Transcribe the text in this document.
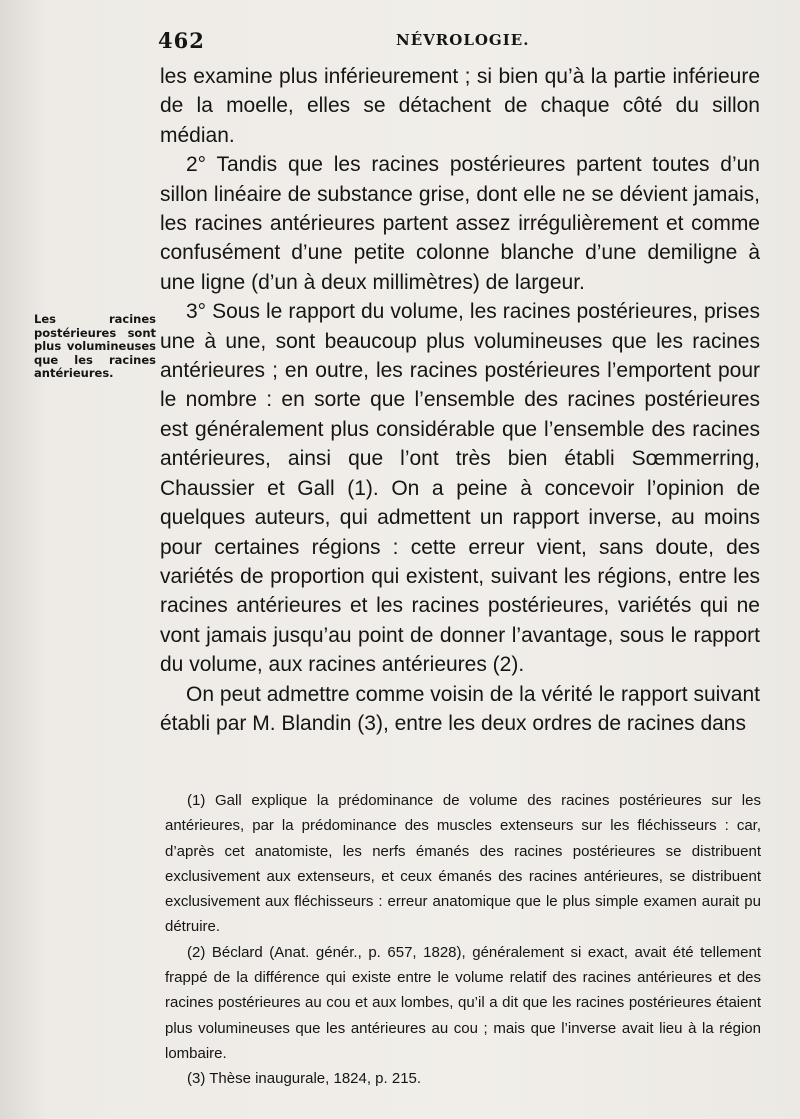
462	NÉVROLOGIE.
Les racines postérieures sont plus volumineuses que les racines antérieures.

les examine plus inférieurement ; si bien qu’à la partie inférieure de la moelle, elles se détachent de chaque côté du sillon médian.

2° Tandis que les racines postérieures partent toutes d’un sillon linéaire de substance grise, dont elle ne se dévient jamais, les racines antérieures partent assez irrégulièrement et comme confusément d’une petite colonne blanche d’une demiligne à une ligne (d’un à deux millimètres) de largeur.

3° Sous le rapport du volume, les racines postérieures, prises une à une, sont beaucoup plus volumineuses que les racines antérieures ; en outre, les racines postérieures l’emportent pour le nombre : en sorte que l’ensemble des racines postérieures est généralement plus considérable que l’ensemble des racines antérieures, ainsi que l’ont très bien établi Sœmmerring, Chaussier et Gall (1). On a peine à concevoir l’opinion de quelques auteurs, qui admettent un rapport inverse, au moins pour certaines régions : cette erreur vient, sans doute, des variétés de proportion qui existent, suivant les régions, entre les racines antérieures et les racines postérieures, variétés qui ne vont jamais jusqu’au point de donner l’avantage, sous le rapport du volume, aux racines antérieures (2).

On peut admettre comme voisin de la vérité le rapport suivant établi par M. Blandin (3), entre les deux ordres de racines dans

(1) Gall explique la prédominance de volume des racines postérieures sur les antérieures, par la prédominance des muscles extenseurs sur les fléchisseurs : car, d’après cet anatomiste, les nerfs émanés des racines postérieures se distribuent exclusivement aux extenseurs, et ceux émanés des racines antérieures, se distribuent exclusivement aux fléchisseurs : erreur anatomique que le plus simple examen aurait pu détruire.

(2) Béclard (Anat. génér., p. 657, 1828), généralement si exact, avait été tellement frappé de la différence qui existe entre le volume relatif des racines antérieures et des racines postérieures au cou et aux lombes, qu’il a dit que les racines postérieures étaient plus volumineuses que les antérieures au cou ; mais que l’inverse avait lieu à la région lombaire.

(3) Thèse inaugurale, 1824, p. 215.
